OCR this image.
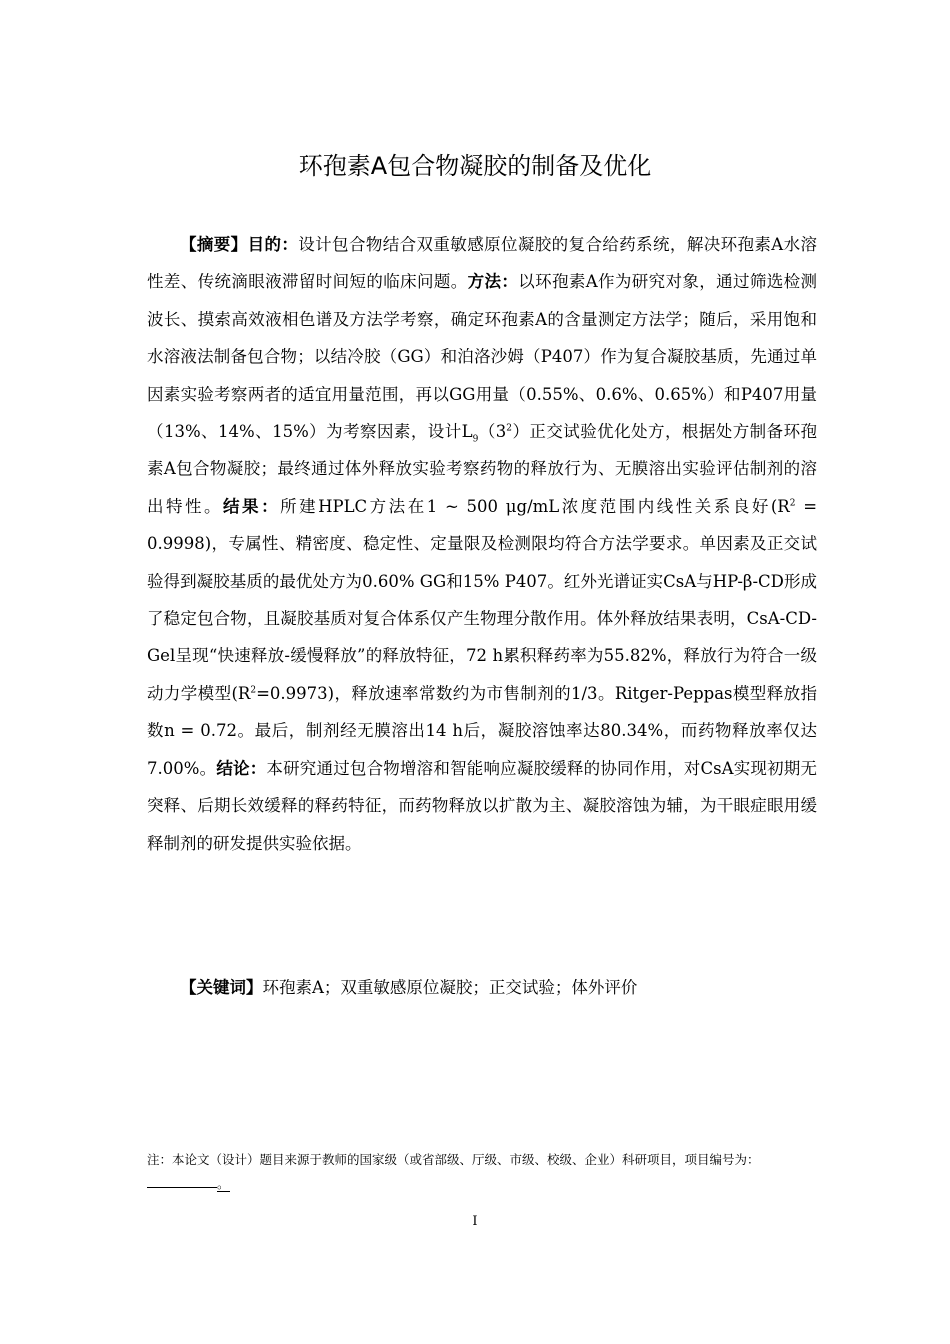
环孢素A包合物凝胶的制备及优化

【摘要】目的：设计包合物结合双重敏感原位凝胶的复合给药系统，解决环孢素A水溶性差、传统滴眼液滞留时间短的临床问题。方法：以环孢素A作为研究对象，通过筛选检测波长、摸索高效液相色谱及方法学考察，确定环孢素A的含量测定方法学；随后，采用饱和水溶液法制备包合物；以结冷胶（GG）和泊洛沙姆（P407）作为复合凝胶基质，先通过单因素实验考察两者的适宜用量范围，再以GG用量（0.55%、0.6%、0.65%）和P407用量（13%、14%、15%）为考察因素，设计$L_9(3^2)$正交试验优化处方，根据处方制备环孢素A包合物凝胶；最终通过体外释放实验考察药物的释放行为、无膜溶出实验评估制剂的溶出特性。结果：所建HPLC方法在1 ~ 500 μg/mL浓度范围内线性关系良好$(R^2 = 0.9998)$，专属性、精密度、稳定性、定量限及检测限均符合方法学要求。单因素及正交试验得到凝胶基质的最优处方为0.60% GG和15% P407。红外光谱证实CsA与HP-β-CD形成了稳定包合物，且凝胶基质对复合体系仅产生物理分散作用。体外释放结果表明，CsA-CD-Gel呈现“快速释放-缓慢释放”的释放特征，72 h累积释药率为55.82%，释放行为符合一级动力学模型$(R^2=0.9973)$，释放速率常数约为市售制剂的1/3。Ritger-Peppas模型释放指数n = 0.72。最后，制剂经无膜溶出14 h后，凝胶溶蚀率达80.34%，而药物释放率仅达7.00%。结论：本研究通过包合物增溶和智能响应凝胶缓释的协同作用，对CsA实现初期无突释、后期长效缓释的释药特征，而药物释放以扩散为主、凝胶溶蚀为辅，为干眼症眼用缓释制剂的研发提供实验依据。

【关键词】环孢素A；双重敏感原位凝胶；正交试验；体外评价

注：本论文（设计）题目来源于教师的国家级（或省部级、厅级、市级、校级、企业）科研项目，项目编号为：。
I
